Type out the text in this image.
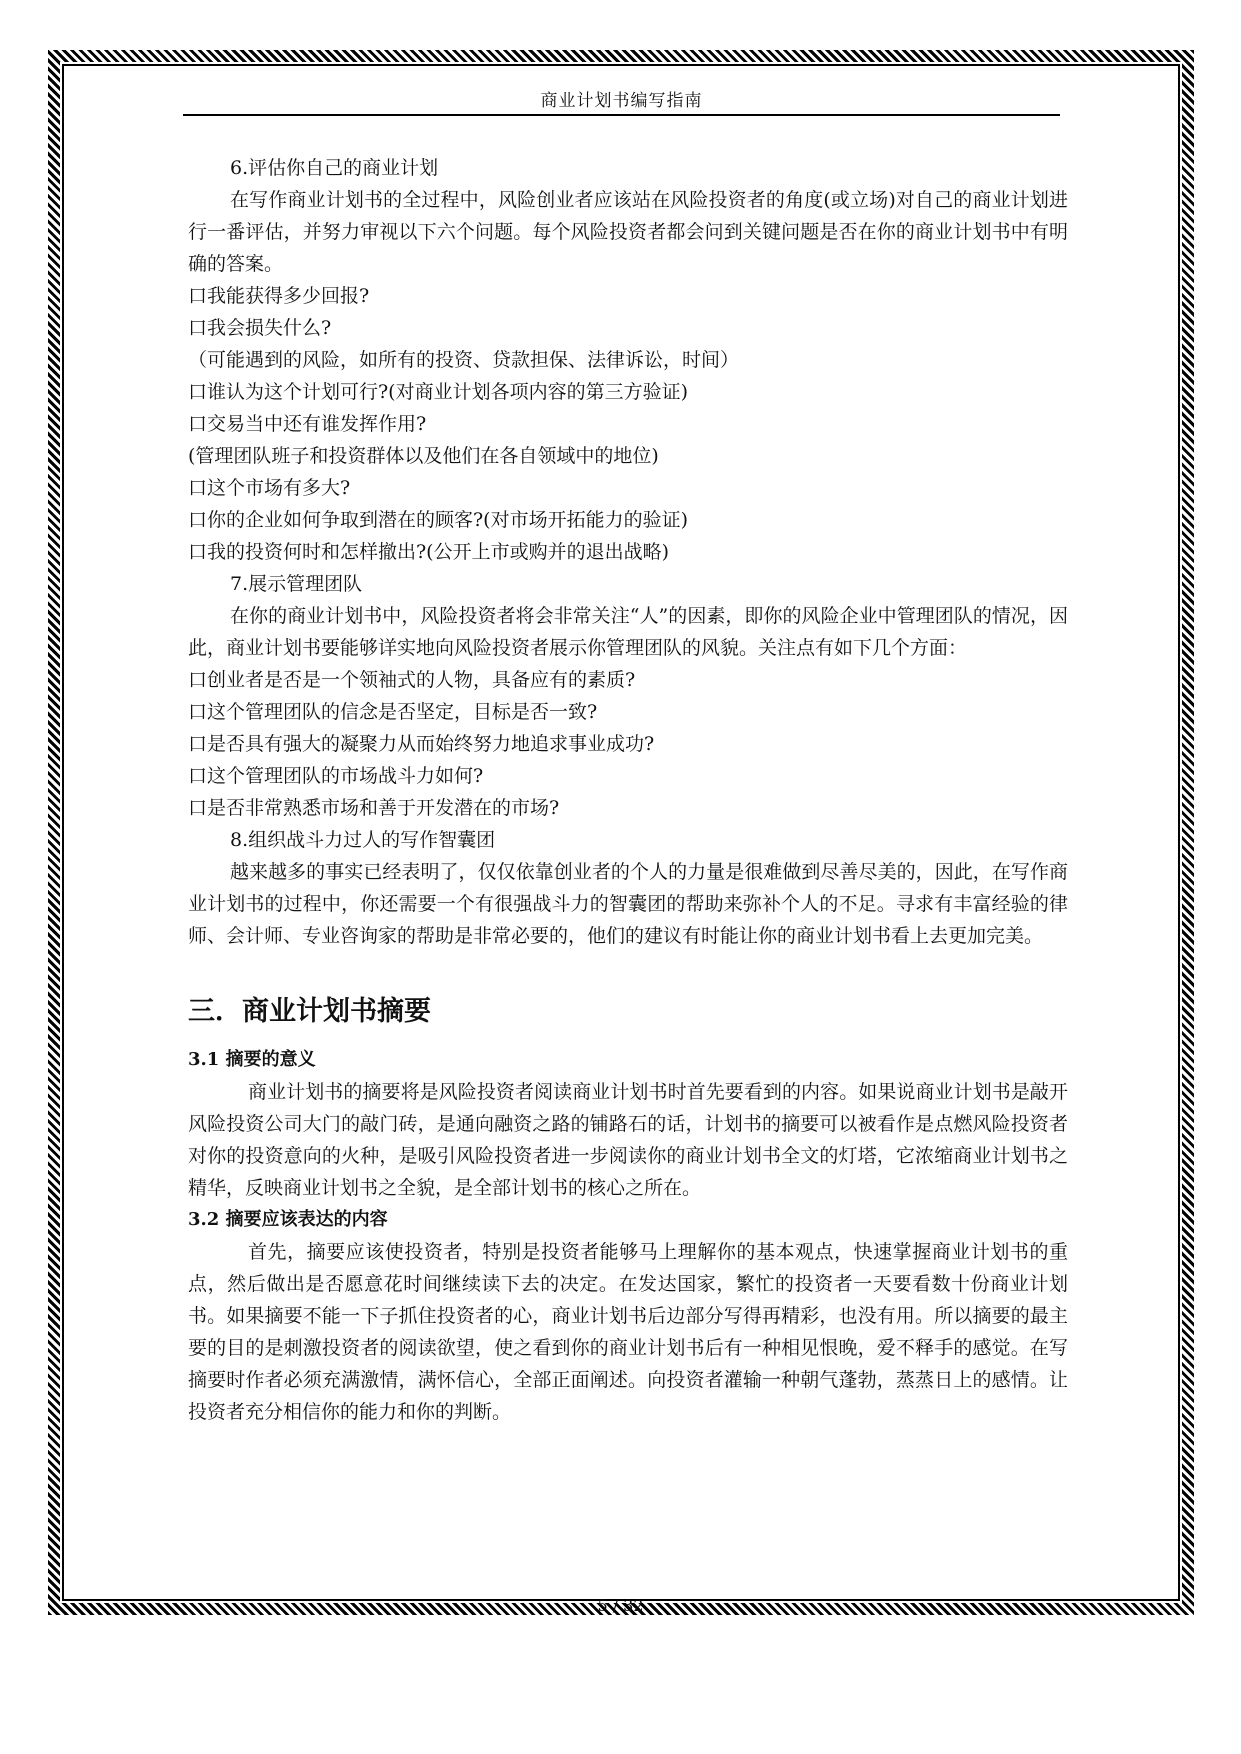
商业计划书编写指南

6.评估你自己的商业计划

在写作商业计划书的全过程中，风险创业者应该站在风险投资者的角度(或立场)对自己的商业计划进行一番评估，并努力审视以下六个问题。每个风险投资者都会问到关键问题是否在你的商业计划书中有明确的答案。

口我能获得多少回报?

口我会损失什么?

（可能遇到的风险，如所有的投资、贷款担保、法律诉讼，时间）

口谁认为这个计划可行?(对商业计划各项内容的第三方验证)

口交易当中还有谁发挥作用?

(管理团队班子和投资群体以及他们在各自领域中的地位)

口这个市场有多大?

口你的企业如何争取到潜在的顾客?(对市场开拓能力的验证)

口我的投资何时和怎样撤出?(公开上市或购并的退出战略)

7.展示管理团队

在你的商业计划书中，风险投资者将会非常关注“人”的因素，即你的风险企业中管理团队的情况，因此，商业计划书要能够详实地向风险投资者展示你管理团队的风貌。关注点有如下几个方面：

口创业者是否是一个领袖式的人物，具备应有的素质?

口这个管理团队的信念是否坚定，目标是否一致?

口是否具有强大的凝聚力从而始终努力地追求事业成功?

口这个管理团队的市场战斗力如何?

口是否非常熟悉市场和善于开发潜在的市场?

8.组织战斗力过人的写作智囊团

越来越多的事实已经表明了，仅仅依靠创业者的个人的力量是很难做到尽善尽美的，因此，在写作商业计划书的过程中，你还需要一个有很强战斗力的智囊团的帮助来弥补个人的不足。寻求有丰富经验的律师、会计师、专业咨询家的帮助是非常必要的，他们的建议有时能让你的商业计划书看上去更加完美。

三．商业计划书摘要

3.1 摘要的意义

商业计划书的摘要将是风险投资者阅读商业计划书时首先要看到的内容。如果说商业计划书是敲开风险投资公司大门的敲门砖，是通向融资之路的铺路石的话，计划书的摘要可以被看作是点燃风险投资者对你的投资意向的火种，是吸引风险投资者进一步阅读你的商业计划书全文的灯塔，它浓缩商业计划书之精华，反映商业计划书之全貌，是全部计划书的核心之所在。

3.2 摘要应该表达的内容

首先，摘要应该使投资者，特别是投资者能够马上理解你的基本观点，快速掌握商业计划书的重点，然后做出是否愿意花时间继续读下去的决定。在发达国家，繁忙的投资者一天要看数十份商业计划书。如果摘要不能一下子抓住投资者的心，商业计划书后边部分写得再精彩，也没有用。所以摘要的最主要的目的是刺激投资者的阅读欲望，使之看到你的商业计划书后有一种相见恨晚，爱不释手的感觉。在写摘要时作者必须充满激情，满怀信心，全部正面阐述。向投资者灌输一种朝气蓬勃，蒸蒸日上的感情。让投资者充分相信你的能力和你的判断。

5 / 32
